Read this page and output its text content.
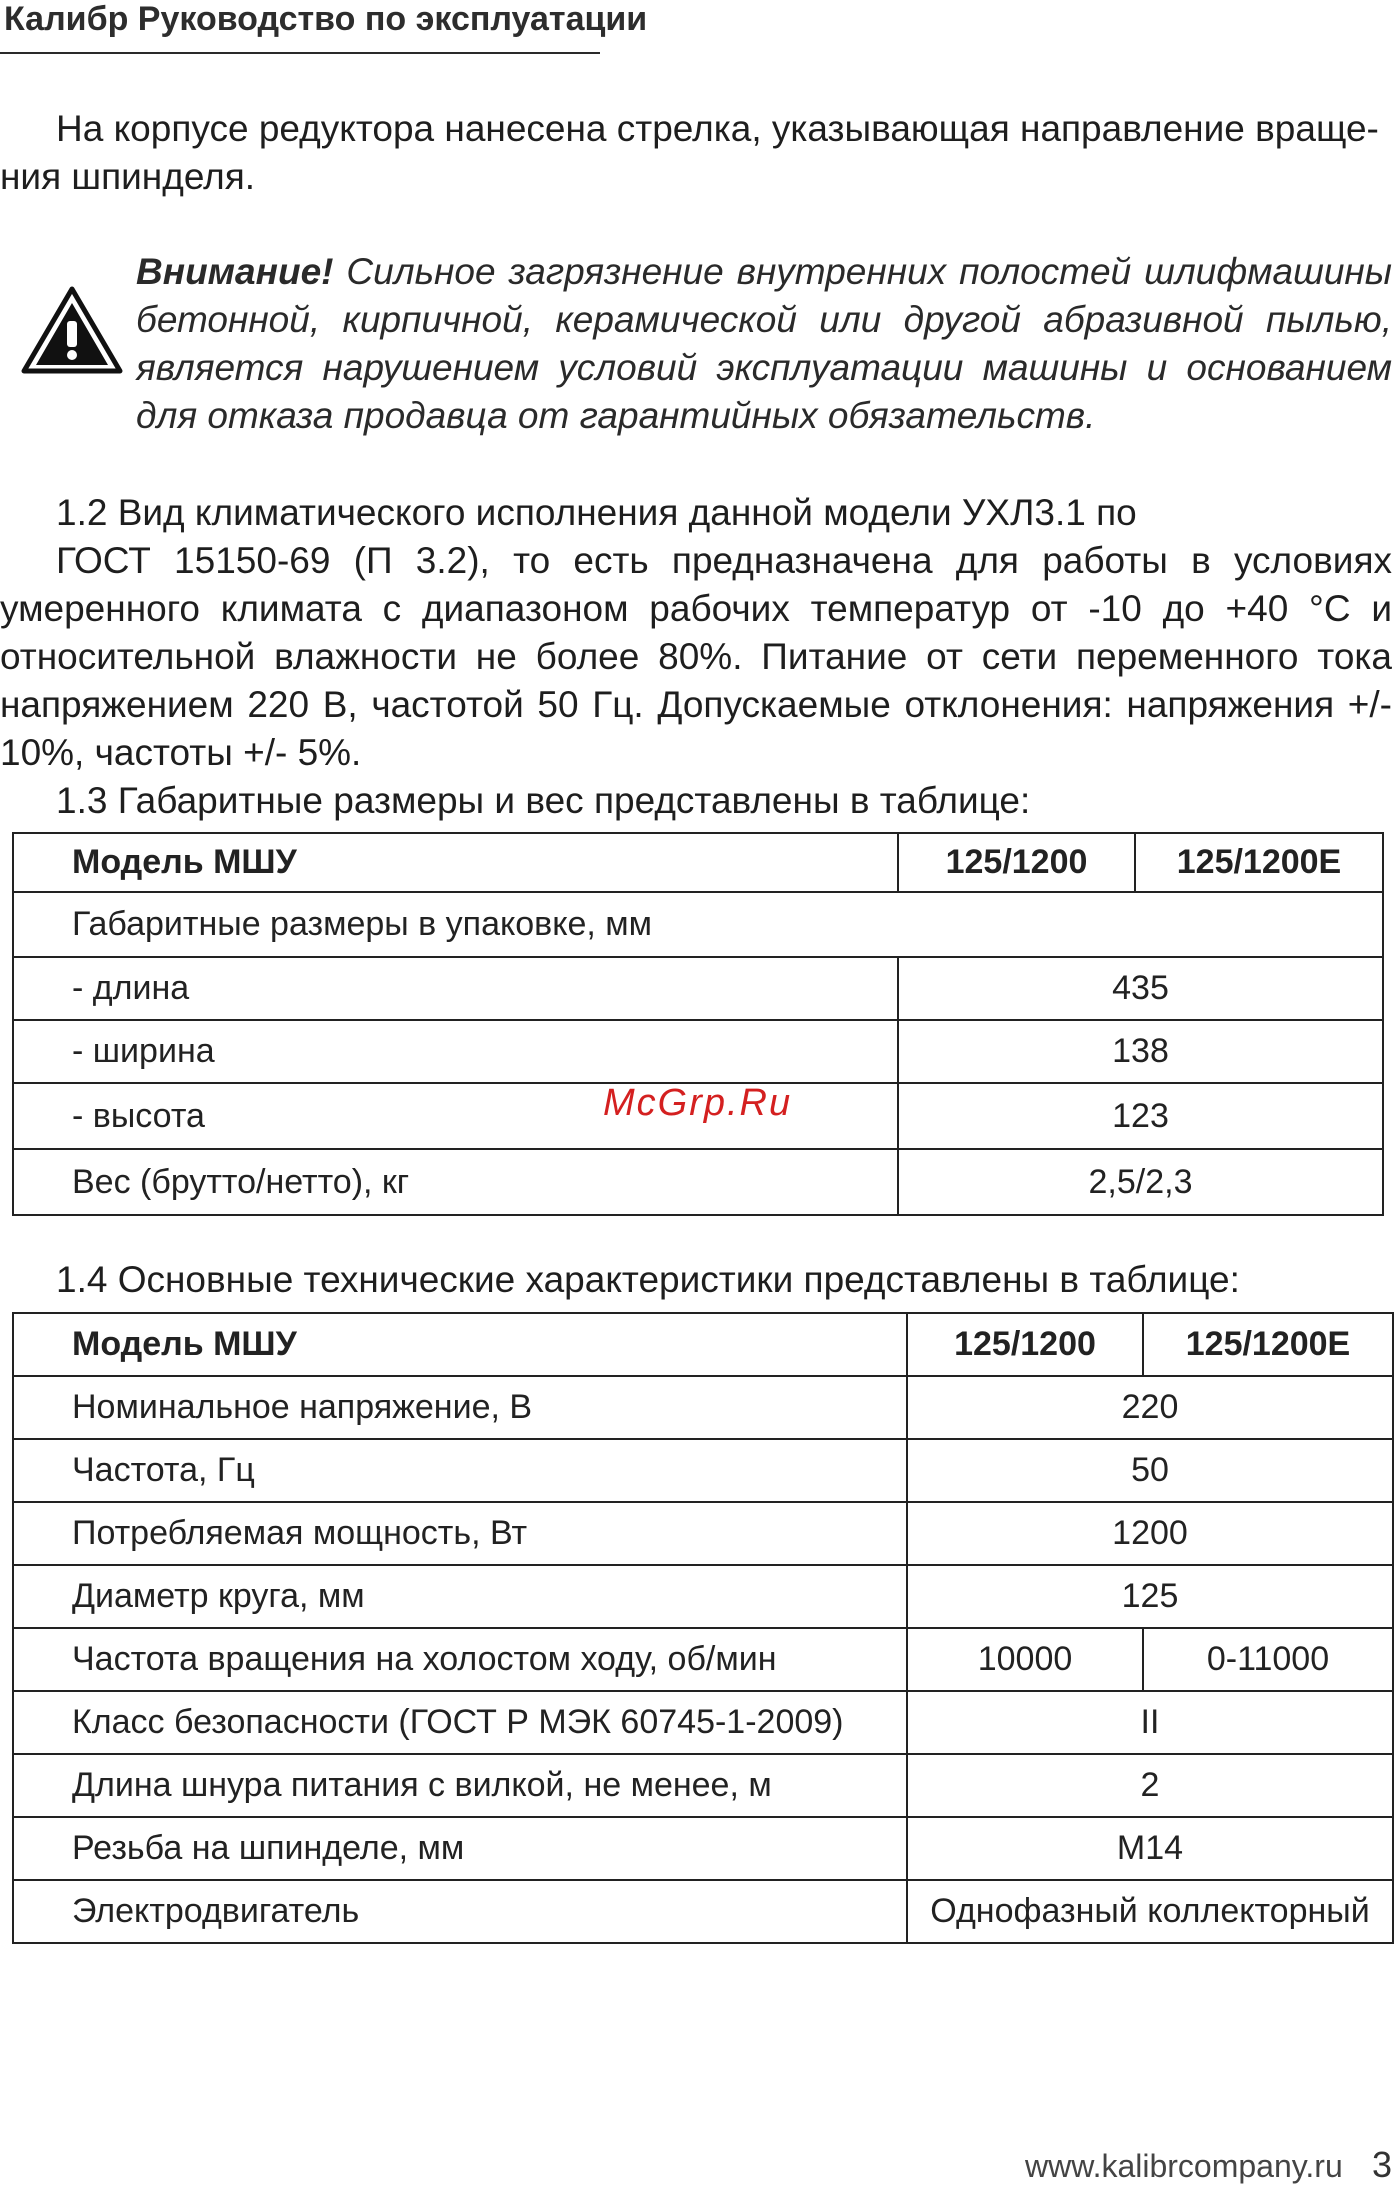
Калибр Руководство по эксплуатации
На корпусе редуктора нанесена стрелка, указывающая направление враще-
ния шпинделя.
Внимание! Сильное загрязнение внутренних полостей шлифмашины бетонной, кирпичной, керамической или другой абразивной пылью, является нарушением условий эксплуатации машины и основанием для отказа продавца от гарантийных обязательств.
1.2 Вид климатического исполнения данной модели УХЛ3.1 по

ГОСТ 15150-69 (П 3.2), то есть предназначена для работы в условиях умеренного климата с диапазоном рабочих температур от -10 до +40 °С и относительной влажности не более 80%. Питание от сети переменного тока напряжением 220 В, частотой 50 Гц. Допускаемые отклонения: напряжения +/- 10%, частоты +/- 5%.

1.3 Габаритные размеры и вес представлены в таблице:
Модель МШУ	125/1200	125/1200E
Габаритные размеры в упаковке, мм		
- длина	435	
- ширина	138	
- высота	123	
Вес (брутто/нетто), кг	2,5/2,3	
McGrp.Ru
1.4 Основные технические характеристики представлены в таблице:
Модель МШУ	125/1200	125/1200E
Номинальное напряжение, В	220	
Частота, Гц	50	
Потребляемая мощность, Вт	1200	
Диаметр круга, мм	125	
Частота вращения на холостом ходу, об/мин	10000	0-11000
Класс безопасности (ГОСТ Р МЭК 60745-1-2009)	II	
Длина шнура питания с вилкой, не менее, м	2	
Резьба на шпинделе, мм	М14	
Электродвигатель	Однофазный коллекторный	
www.kalibrcompany.ru 3
